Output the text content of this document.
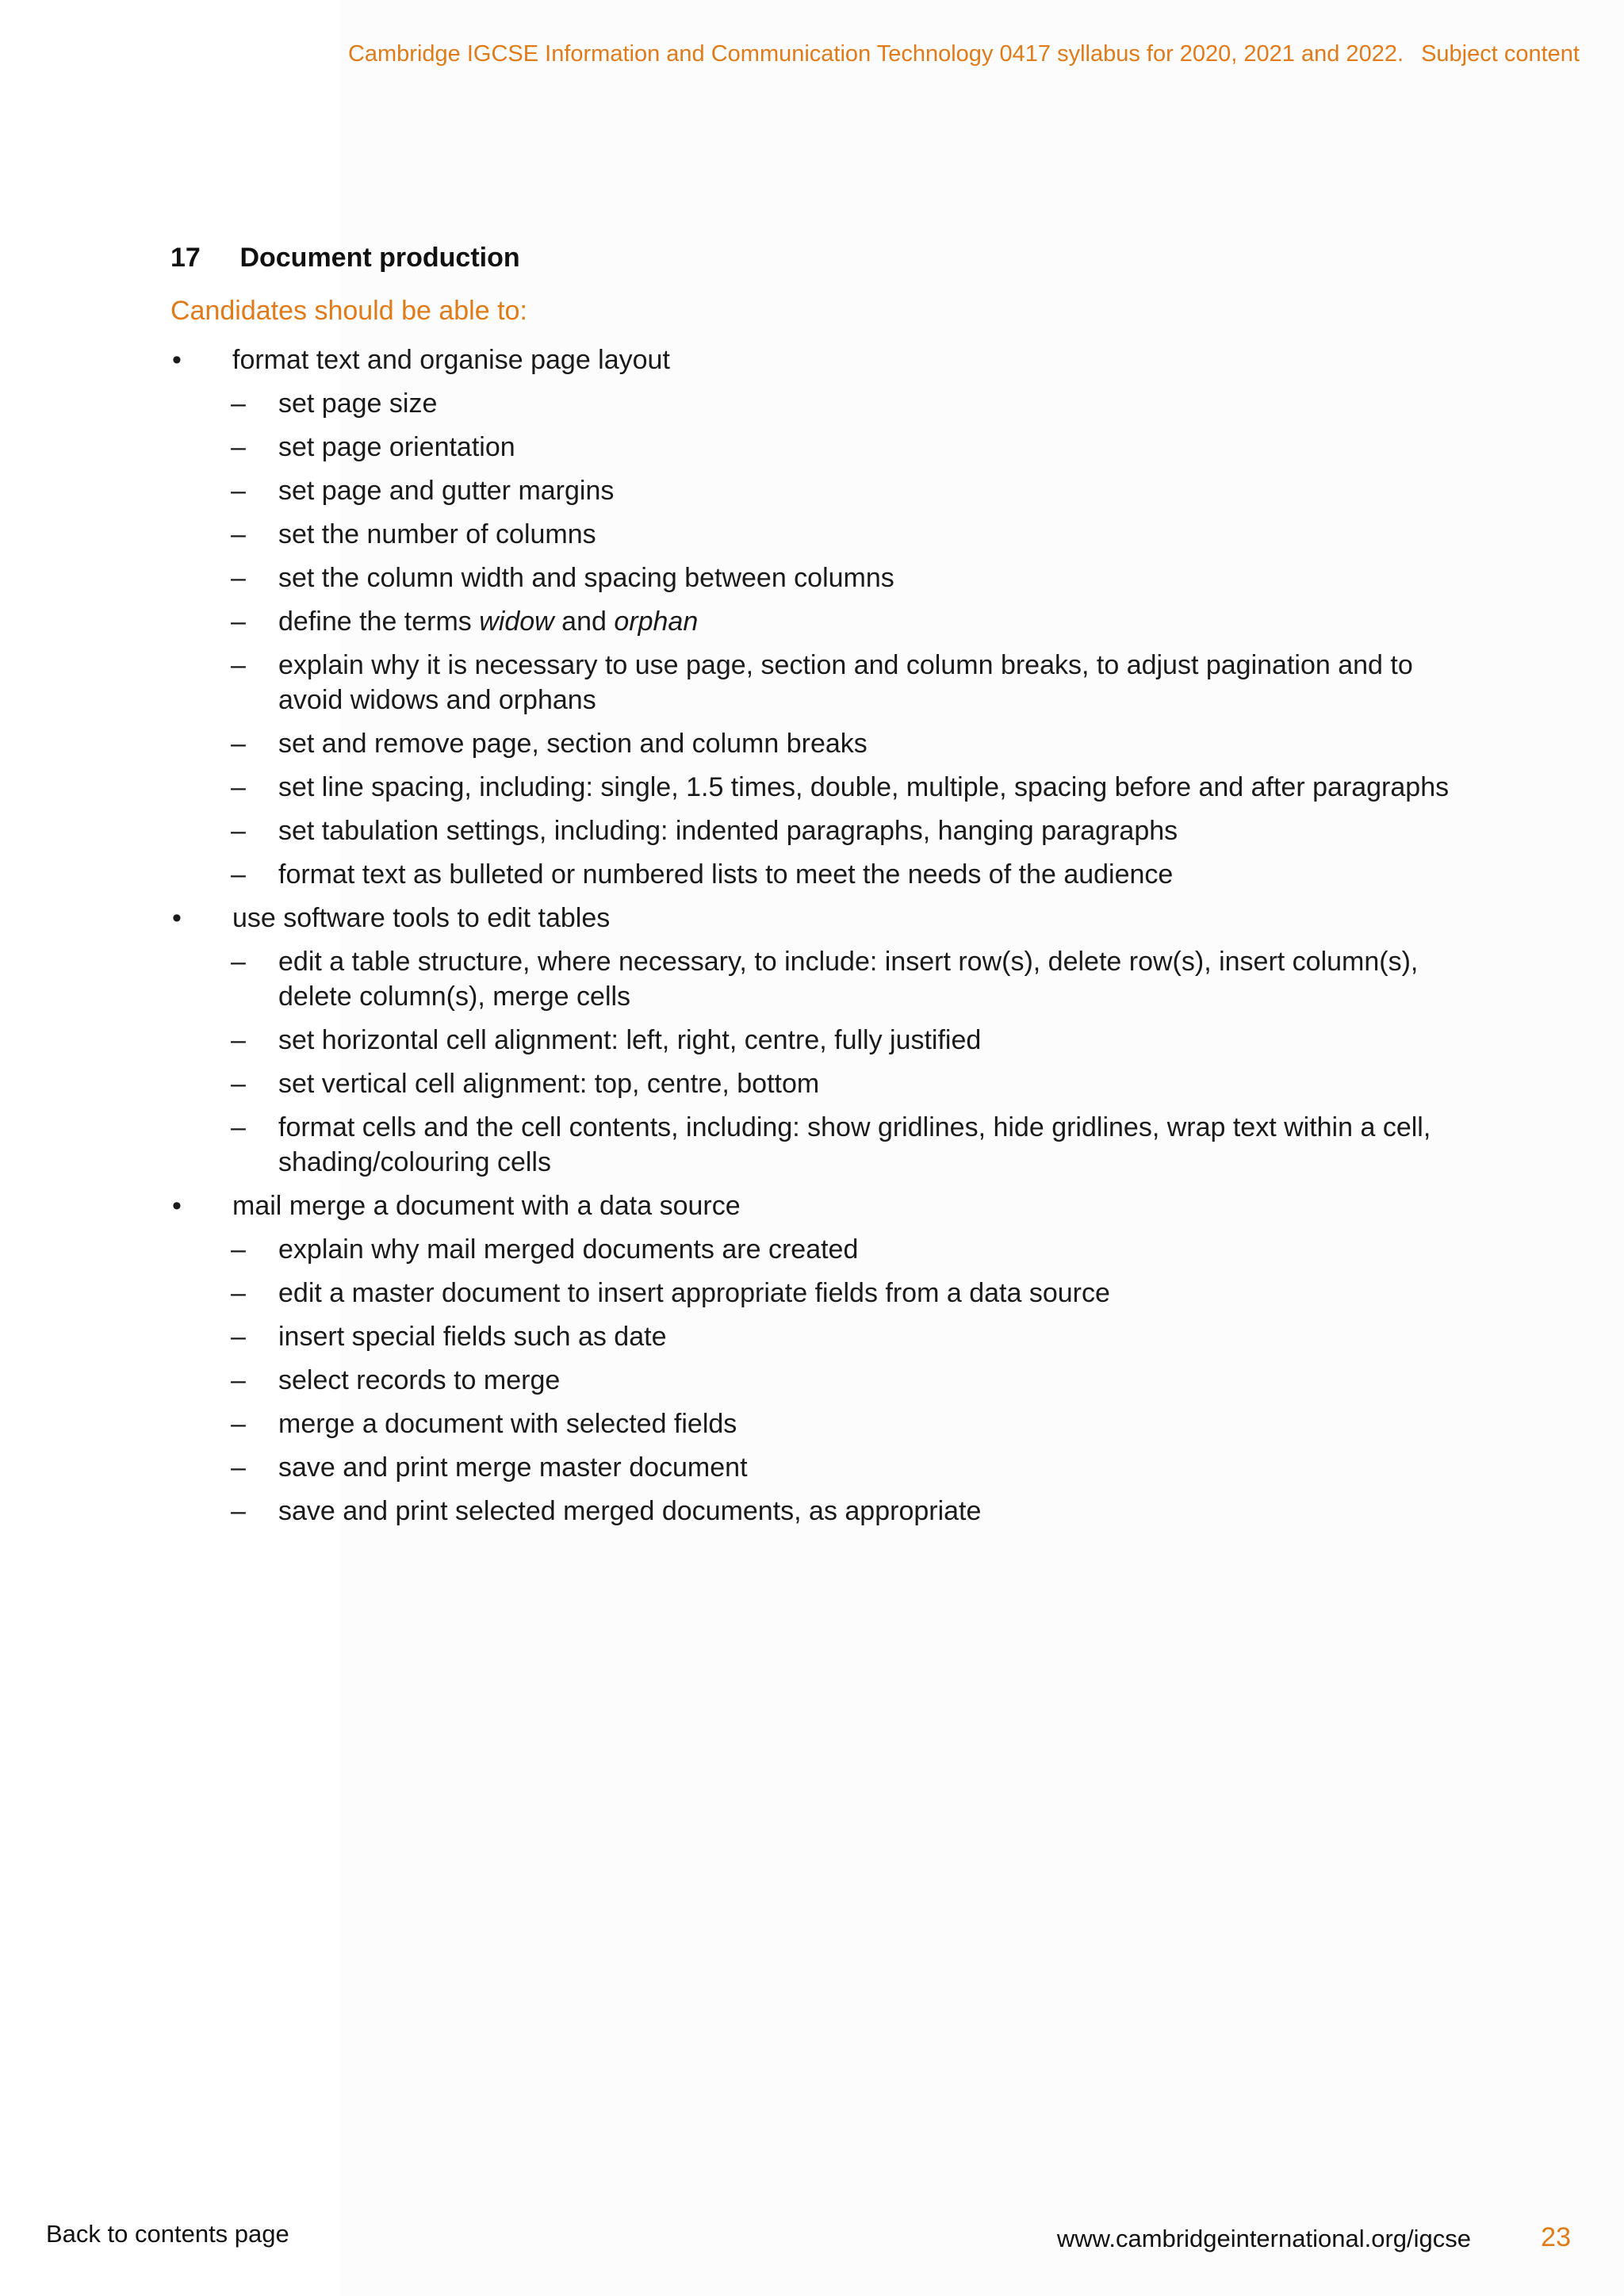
Cambridge IGCSE Information and Communication Technology 0417 syllabus for 2020, 2021 and 2022. Subject content
17 Document production
Candidates should be able to:
• format text and organise page layout
– set page size
– set page orientation
– set page and gutter margins
– set the number of columns
– set the column width and spacing between columns
– define the terms widow and orphan
– explain why it is necessary to use page, section and column breaks, to adjust pagination and to avoid widows and orphans
– set and remove page, section and column breaks
– set line spacing, including: single, 1.5 times, double, multiple, spacing before and after paragraphs
– set tabulation settings, including: indented paragraphs, hanging paragraphs
– format text as bulleted or numbered lists to meet the needs of the audience
• use software tools to edit tables
– edit a table structure, where necessary, to include: insert row(s), delete row(s), insert column(s), delete column(s), merge cells
– set horizontal cell alignment: left, right, centre, fully justified
– set vertical cell alignment: top, centre, bottom
– format cells and the cell contents, including: show gridlines, hide gridlines, wrap text within a cell, shading/colouring cells
• mail merge a document with a data source
– explain why mail merged documents are created
– edit a master document to insert appropriate fields from a data source
– insert special fields such as date
– select records to merge
– merge a document with selected fields
– save and print merge master document
– save and print selected merged documents, as appropriate
Back to contents page	www.cambridgeinternational.org/igcse	23
